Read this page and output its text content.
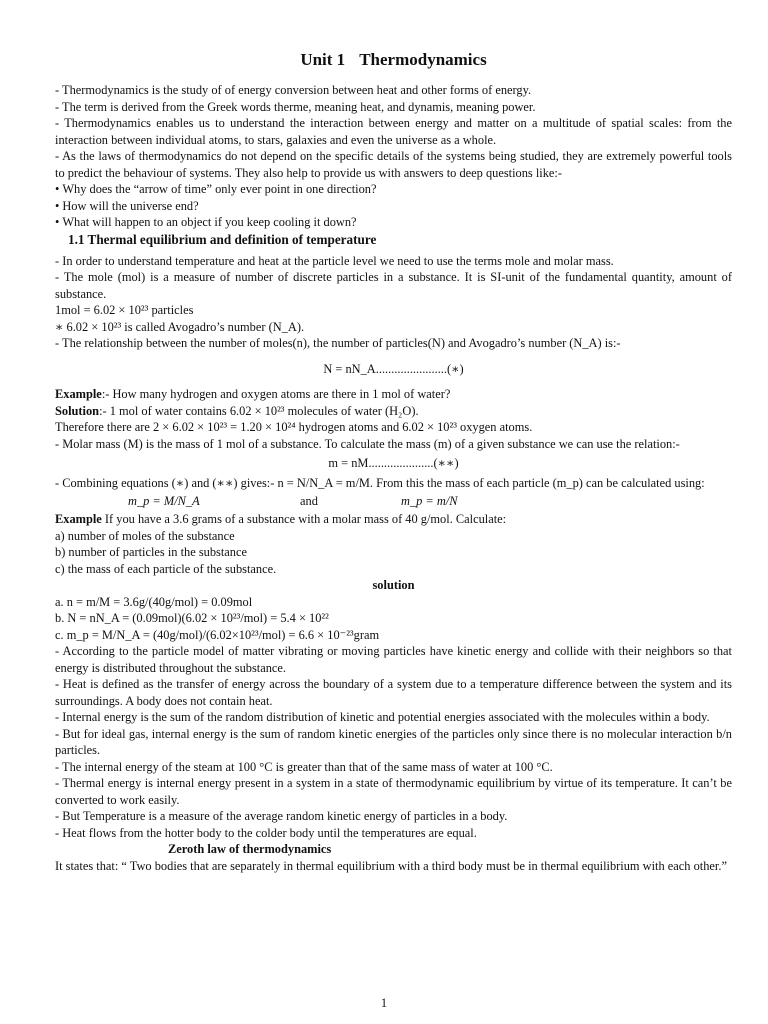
Unit 1 Thermodynamics

- Thermodynamics is the study of of energy conversion between heat and other forms of energy.

- The term is derived from the Greek words therme, meaning heat, and dynamis, meaning power.

- Thermodynamics enables us to understand the interaction between energy and matter on a multitude of spatial scales: from the interaction between individual atoms, to stars, galaxies and even the universe as a whole.

- As the laws of thermodynamics do not depend on the specific details of the systems being studied, they are extremely powerful tools to predict the behaviour of systems. They also help to provide us with answers to deep questions like:-

• Why does the “arrow of time” only ever point in one direction?

• How will the universe end?

• What will happen to an object if you keep cooling it down?

1.1 Thermal equilibrium and definition of temperature

- In order to understand temperature and heat at the particle level we need to use the terms mole and molar mass.

- The mole (mol) is a measure of number of discrete particles in a substance. It is SI-unit of the fundamental quantity, amount of substance.

1mol = 6.02 × 10²³ particles

∗ 6.02 × 10²³ is called Avogadro’s number (N_A).

- The relationship between the number of moles(n), the number of particles(N) and Avogadro’s number (N_A) is:-

N = nN_A.......................(∗)

Example:- How many hydrogen and oxygen atoms are there in 1 mol of water?

Solution:- 1 mol of water contains 6.02 × 10²³ molecules of water (H₂O).

Therefore there are 2 × 6.02 × 10²³ = 1.20 × 10²⁴ hydrogen atoms and 6.02 × 10²³ oxygen atoms.

- Molar mass (M) is the mass of 1 mol of a substance. To calculate the mass (m) of a given substance we can use the relation:-

m = nM.....................(∗∗)

- Combining equations (∗) and (∗∗) gives:- n = N/N_A = m/M. From this the mass of each particle (m_p) can be calculated using:

m_p = M/N_A	and	m_p = m/N

Example If you have a 3.6 grams of a substance with a molar mass of 40 g/mol. Calculate:

a) number of moles of the substance

b) number of particles in the substance

c) the mass of each particle of the substance.

solution

a. n = m/M = 3.6g/(40g/mol) = 0.09mol

b. N = nN_A = (0.09mol)(6.02 × 10²³/mol) = 5.4 × 10²²

c. m_p = M/N_A = (40g/mol)/(6.02×10²³/mol) = 6.6 × 10⁻²³gram

- According to the particle model of matter vibrating or moving particles have kinetic energy and collide with their neighbors so that energy is distributed throughout the substance.

- Heat is defined as the transfer of energy across the boundary of a system due to a temperature difference between the system and its surroundings. A body does not contain heat.

- Internal energy is the sum of the random distribution of kinetic and potential energies associated with the molecules within a body.

- But for ideal gas, internal energy is the sum of random kinetic energies of the particles only since there is no molecular interaction b/n particles.

- The internal energy of the steam at 100 °C is greater than that of the same mass of water at 100 °C.

- Thermal energy is internal energy present in a system in a state of thermodynamic equilibrium by virtue of its temperature. It can’t be converted to work easily.

- But Temperature is a measure of the average random kinetic energy of particles in a body.

- Heat flows from the hotter body to the colder body until the temperatures are equal.

Zeroth law of thermodynamics

It states that: “ Two bodies that are separately in thermal equilibrium with a third body must be in thermal equilibrium with each other.”

1
